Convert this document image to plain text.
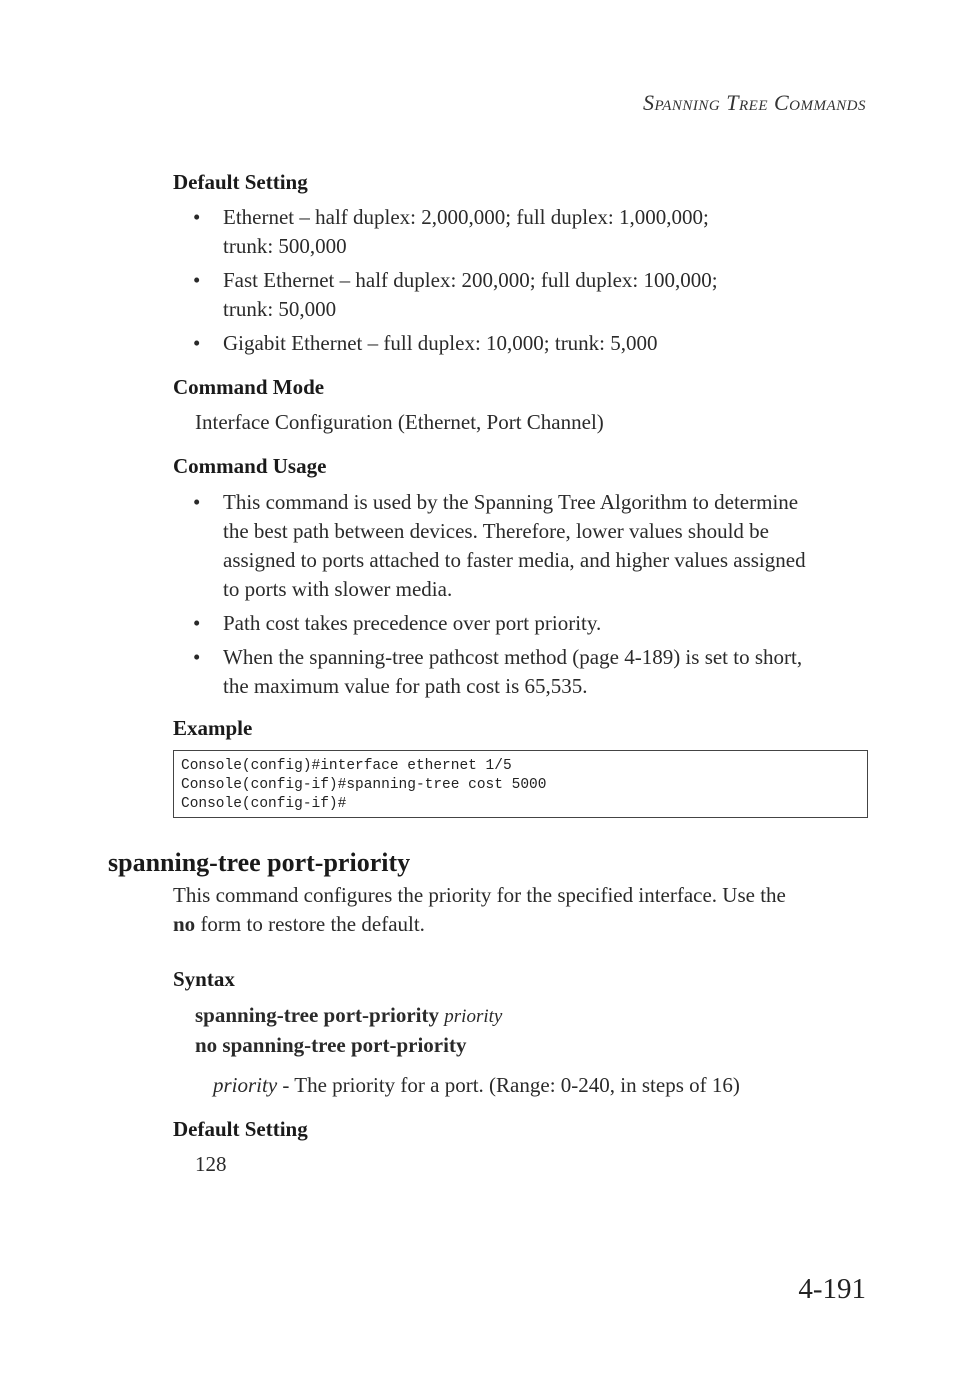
Spanning Tree Commands
Default Setting
• Ethernet – half duplex: 2,000,000; full duplex: 1,000,000;
trunk: 500,000
• Fast Ethernet – half duplex: 200,000; full duplex: 100,000;
trunk: 50,000
• Gigabit Ethernet – full duplex: 10,000; trunk: 5,000
Command Mode
Interface Configuration (Ethernet, Port Channel)
Command Usage
• This command is used by the Spanning Tree Algorithm to determine
the best path between devices. Therefore, lower values should be
assigned to ports attached to faster media, and higher values assigned
to ports with slower media.
• Path cost takes precedence over port priority.
• When the spanning-tree pathcost method (page 4-189) is set to short,
the maximum value for path cost is 65,535.
Example
Console(config)#interface ethernet 1/5
Console(config-if)#spanning-tree cost 5000
Console(config-if)#
spanning-tree port-priority
This command configures the priority for the specified interface. Use the
no form to restore the default.
Syntax
spanning-tree port-priority priority
no spanning-tree port-priority
priority - The priority for a port. (Range: 0-240, in steps of 16)
Default Setting
128
4-191
